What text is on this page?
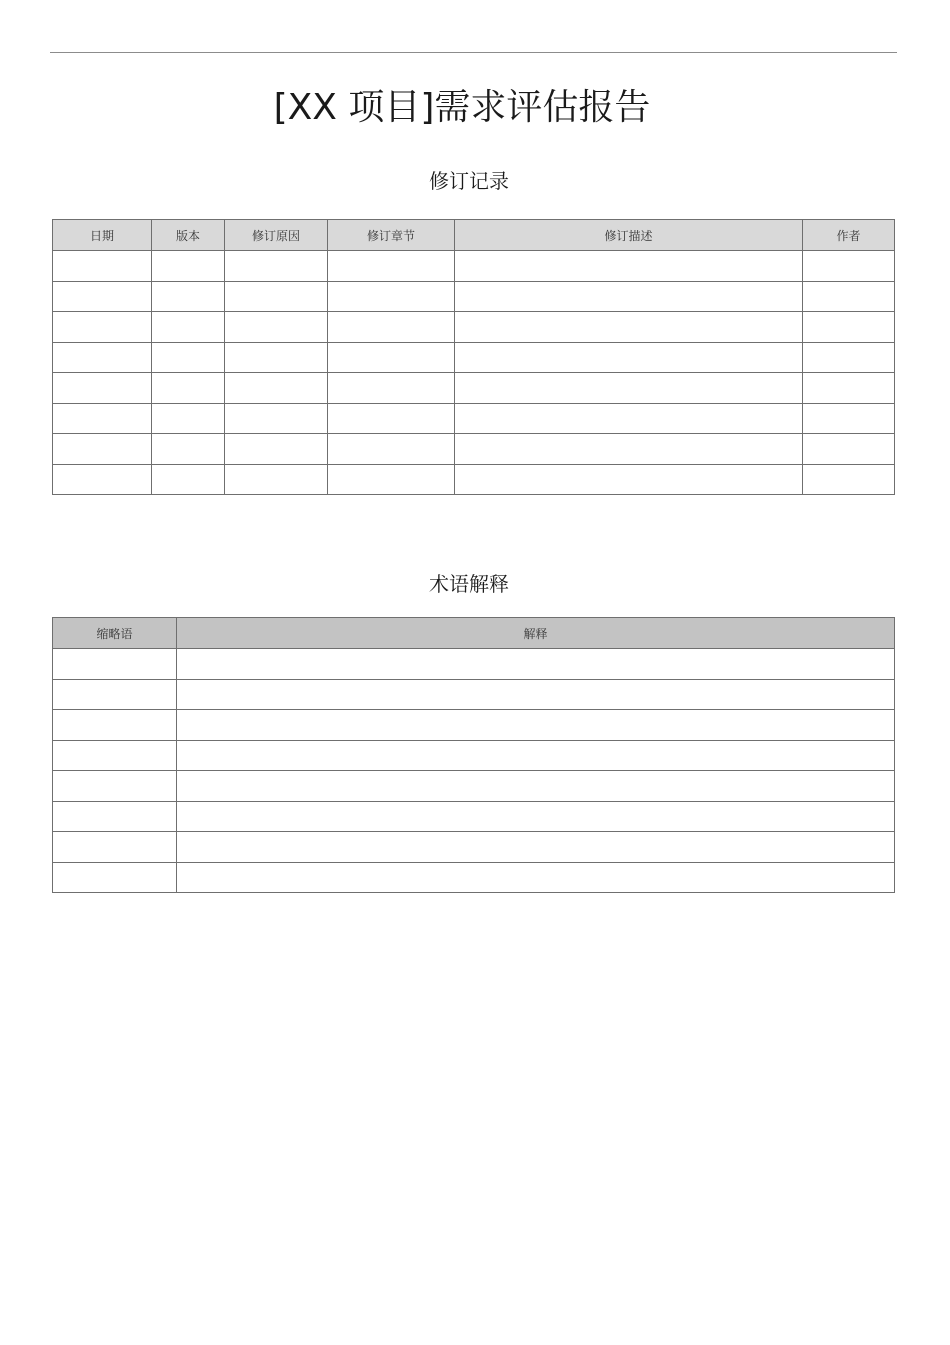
[XX 项目]需求评估报告
修订记录
日期	版本	修订原因	修订章节	修订描述	作者

术语解释
缩略语	解释
